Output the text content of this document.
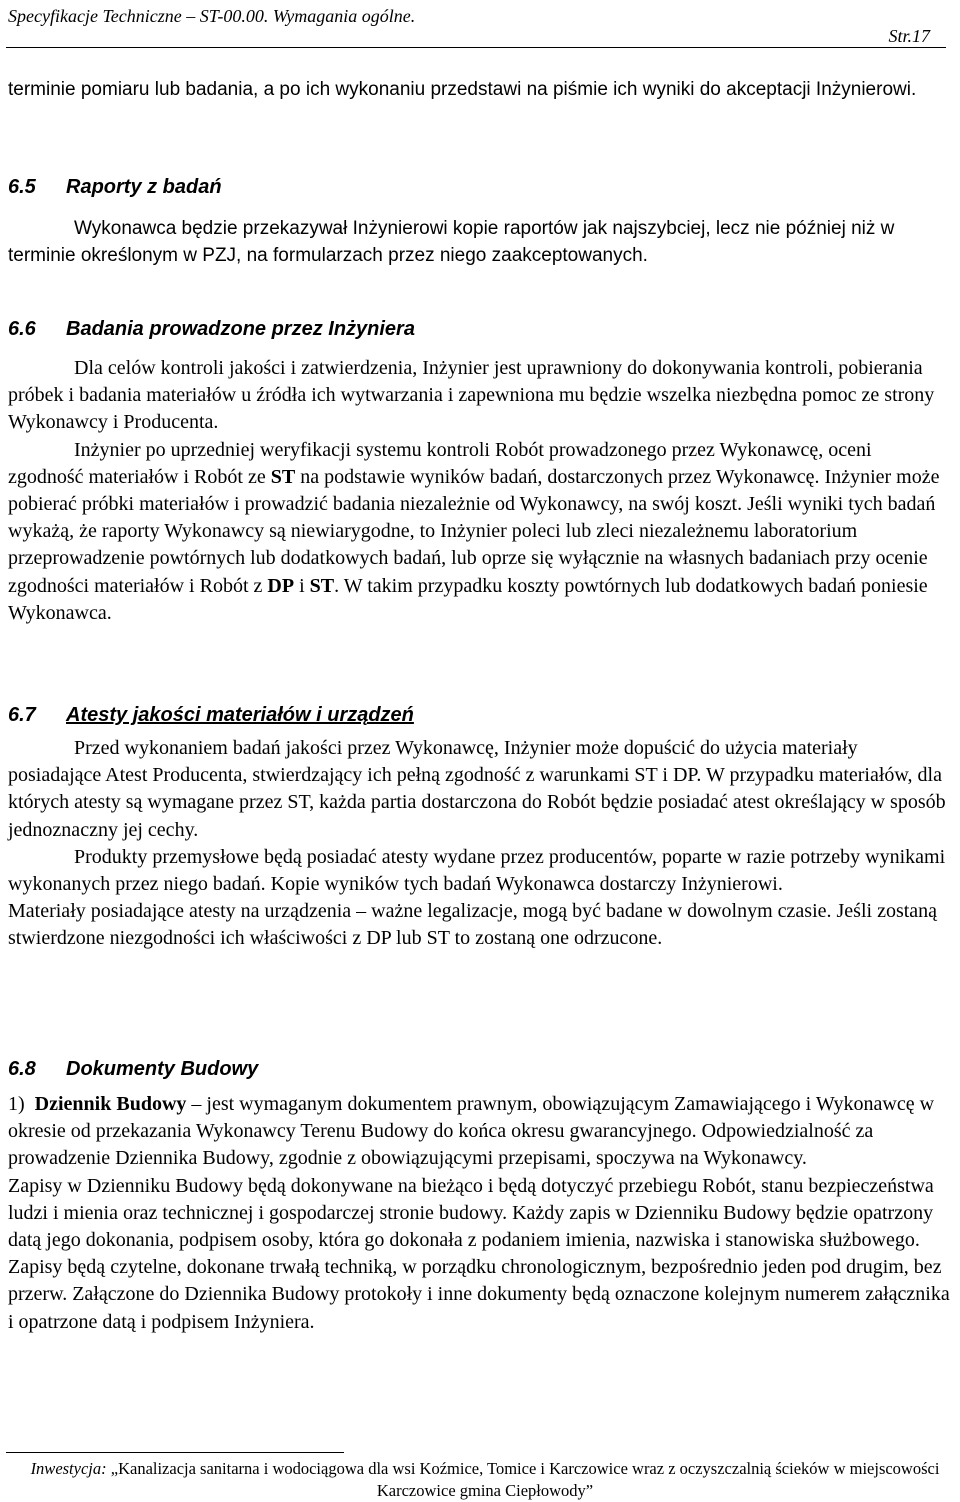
Specyfikacje Techniczne – ST-00.00. Wymagania ogólne.
Str.17

terminie pomiaru lub badania, a po ich wykonaniu przedstawi na piśmie ich wyniki do akceptacji Inżynierowi.

6.5 Raporty z badań

Wykonawca będzie przekazywał Inżynierowi kopie raportów jak najszybciej, lecz nie później niż w terminie określonym w PZJ, na formularzach przez niego zaakceptowanych.

6.6 Badania prowadzone przez Inżyniera

Dla celów kontroli jakości i zatwierdzenia, Inżynier jest uprawniony do dokonywania kontroli, pobierania próbek i badania materiałów u źródła ich wytwarzania i zapewniona mu będzie wszelka niezbędna pomoc ze strony Wykonawcy i Producenta.

Inżynier po uprzedniej weryfikacji systemu kontroli Robót prowadzonego przez Wykonawcę, oceni zgodność materiałów i Robót ze ST na podstawie wyników badań, dostarczonych przez Wykonawcę. Inżynier może pobierać próbki materiałów i prowadzić badania niezależnie od Wykonawcy, na swój koszt. Jeśli wyniki tych badań wykażą, że raporty Wykonawcy są niewiarygodne, to Inżynier poleci lub zleci niezależnemu laboratorium przeprowadzenie powtórnych lub dodatkowych badań, lub oprze się wyłącznie na własnych badaniach przy ocenie zgodności materiałów i Robót z DP i ST. W takim przypadku koszty powtórnych lub dodatkowych badań poniesie Wykonawca.

6.7 Atesty jakości materiałów i urządzeń

Przed wykonaniem badań jakości przez Wykonawcę, Inżynier może dopuścić do użycia materiały posiadające Atest Producenta, stwierdzający ich pełną zgodność z warunkami ST i DP. W przypadku materiałów, dla których atesty są wymagane przez ST, każda partia dostarczona do Robót będzie posiadać atest określający w sposób jednoznaczny jej cechy.

Produkty przemysłowe będą posiadać atesty wydane przez producentów, poparte w razie potrzeby wynikami wykonanych przez niego badań. Kopie wyników tych badań Wykonawca dostarczy Inżynierowi.

Materiały posiadające atesty na urządzenia – ważne legalizacje, mogą być badane w dowolnym czasie. Jeśli zostaną stwierdzone niezgodności ich właściwości z DP lub ST to zostaną one odrzucone.

6.8 Dokumenty Budowy

1) Dziennik Budowy – jest wymaganym dokumentem prawnym, obowiązującym Zamawiającego i Wykonawcę w okresie od przekazania Wykonawcy Terenu Budowy do końca okresu gwarancyjnego. Odpowiedzialność za prowadzenie Dziennika Budowy, zgodnie z obowiązującymi przepisami, spoczywa na Wykonawcy.

Zapisy w Dzienniku Budowy będą dokonywane na bieżąco i będą dotyczyć przebiegu Robót, stanu bezpieczeństwa ludzi i mienia oraz technicznej i gospodarczej stronie budowy. Każdy zapis w Dzienniku Budowy będzie opatrzony datą jego dokonania, podpisem osoby, która go dokonała z podaniem imienia, nazwiska i stanowiska służbowego. Zapisy będą czytelne, dokonane trwałą techniką, w porządku chronologicznym, bezpośrednio jeden pod drugim, bez przerw. Załączone do Dziennika Budowy protokoły i inne dokumenty będą oznaczone kolejnym numerem załącznika i opatrzone datą i podpisem Inżyniera.

Inwestycja: „Kanalizacja sanitarna i wodociągowa dla wsi Koźmice, Tomice i Karczowice wraz z oczyszczalnią ścieków w miejscowości Karczowice gmina Ciepłowody”
